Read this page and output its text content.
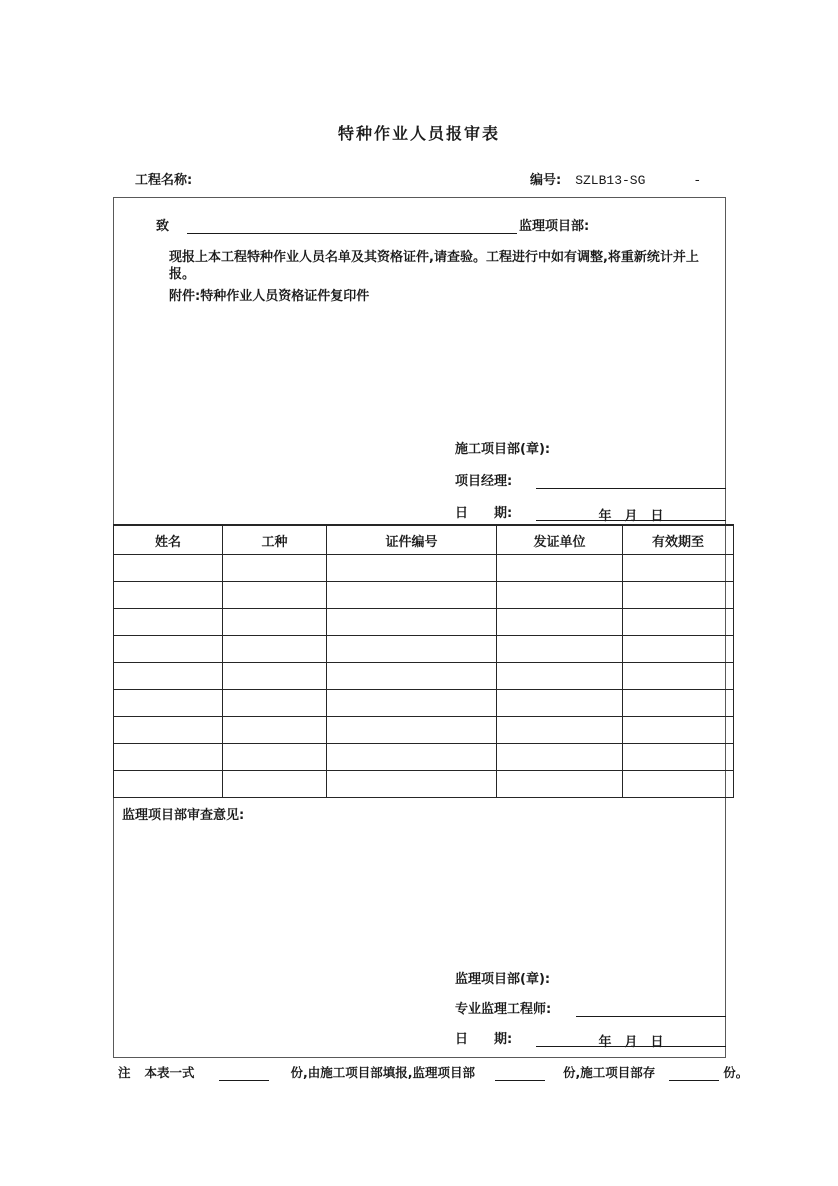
特种作业人员报审表
工程名称:	编号: SZLB13-SG	-
致	监理项目部:
现报上本工程特种作业人员名单及其资格证件,请查验。工程进行中如有调整,将重新统计并上报。
附件:特种作业人员资格证件复印件
施工项目部(章):
项目经理:
日　　期:	年　月　日
姓名	工种	证件编号	发证单位	有效期至

监理项目部审查意见:
监理项目部(章):
专业监理工程师:
日　　期:	年　月　日
注 本表一式	份,由施工项目部填报,监理项目部	份,施工项目部存	份。
